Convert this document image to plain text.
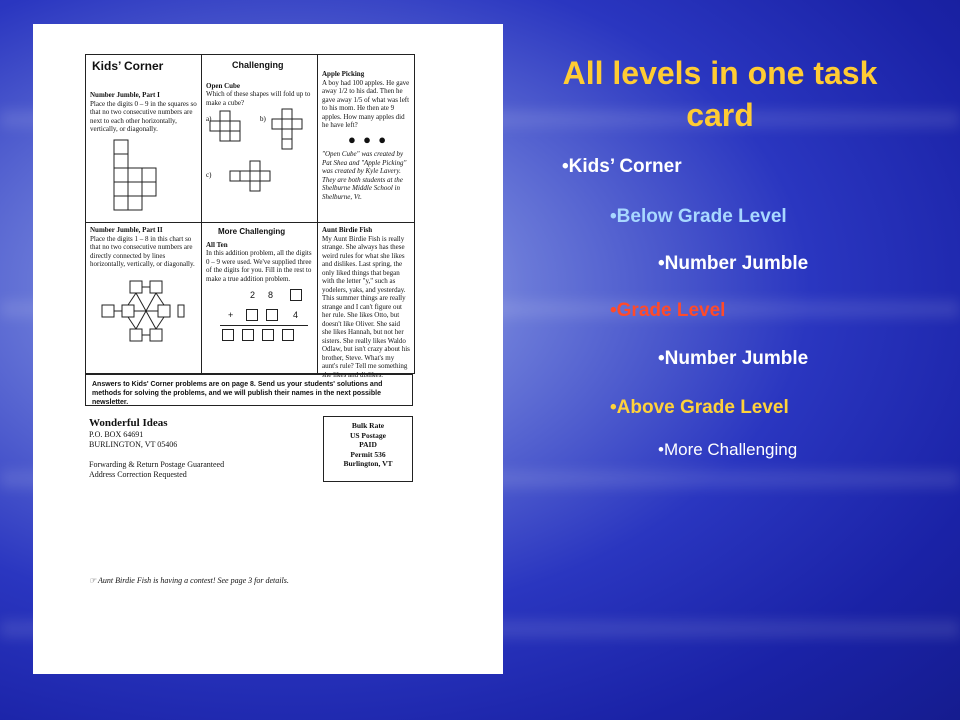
Kids’ Corner
Number Jumble, Part I
Place the digits 0 – 9 in the squares so that no two consecutive numbers are next to each other horizontally, vertically, or diagonally.
Challenging
Open Cube
Which of these shapes will fold up to make a cube?
a)	b)
c)
Apple Picking
A boy had 100 apples. He gave away 1/2 to his dad. Then he gave away 1/5 of what was left to his mom. He then ate 9 apples. How many apples did he have left?
● ● ●
"Open Cube" was created by Pat Shea and "Apple Picking" was created by Kyle Lavery. They are both students at the Shelburne Middle School in Shelburne, Vt.
Number Jumble, Part II
Place the digits 1 – 8 in this chart so that no two consecutive numbers are directly connected by lines horizontally, vertically, or diagonally.
More Challenging
All Ten
In this addition problem, all the digits 0 – 9 were used. We've supplied three of the digits for you. Fill in the rest to make a true addition problem.
2 8
+	4
Aunt Birdie Fish
My Aunt Birdie Fish is really strange. She always has these weird rules for what she likes and dislikes. Last spring, the only liked things that began with the letter "y," such as yodelers, yaks, and yesterday. This summer things are really strange and I can't figure out her rule. She likes Otto, but doesn't like Oliver. She said she likes Hannah, but not her sisters. She really likes Waldo Odlaw, but isn't crazy about his brother, Steve. What's my aunt's rule? Tell me something she likes and dislikes.
Answers to Kids' Corner problems are on page 8. Send us your students' solutions and methods for solving the problems, and we will publish their names in the next possible newsletter.
Wonderful Ideas
P.O. BOX 64691
BURLINGTON, VT 05406
Forwarding & Return Postage Guaranteed
Address Correction Requested
Bulk Rate
US Postage
PAID
Permit 536
Burlington, VT
☞ Aunt Birdie Fish is having a contest! See page 3 for details.
All levels in one task card
•Kids’ Corner
•Below Grade Level
•Number Jumble
•Grade Level
•Number Jumble
•Above Grade Level
•More Challenging
